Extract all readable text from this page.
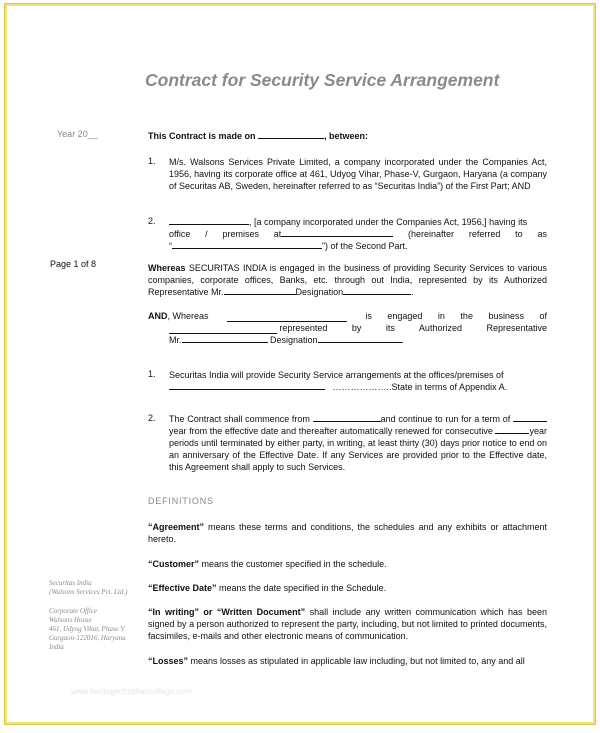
Contract for Security Service Arrangement
Year 20__
Page 1 of 8
This Contract is made on	, between:
1. M/s. Walsons Services Private Limited, a company incorporated under the Companies Act, 1956, having its corporate office at 461, Udyog Vihar, Phase-V, Gurgaon, Haryana (a company of Securitas AB, Sweden, hereinafter referred to as “Securitas India”) of the First Part; AND
2.	, [a company incorporated under the Companies Act, 1956,] having its
office / premises at	(hereinafter referred to as
“	”) of the Second Part.
Whereas SECURITAS INDIA is engaged in the business of providing Security Services to various companies, corporate offices, Banks, etc. through out India, represented by its Authorized Representative Mr.	Designation	.
AND, Whereas	is engaged in the business of
represented by its Authorized Representative
Mr.	Designation	.
1. Securitas India will provide Security Service arrangements at the offices/premises of
………………..State in terms of Appendix A.
2. The Contract shall commence from	and continue to run for a term of year from the effective date and thereafter automatically renewed for consecutive	year periods until terminated by either party, in writing, at least thirty (30) days prior notice to end on an anniversary of the Effective Date. If any Services are provided prior to the Effective date, this Agreement shall apply to such Services.
DEFINITIONS
“Agreement” means these terms and conditions, the schedules and any exhibits or attachment hereto.
“Customer” means the customer specified in the schedule.
“Effective Date” means the date specified in the Schedule.
“In writing” or “Written Document” shall include any written communication which has been signed by a person authorized to represent the party, including, but not limited to printed documents, facsimiles, e-mails and other electronic means of communication.
“Losses” means losses as stipulated in applicable law including, but not limited to, any and all
Securitas India
(Walsons Services Pvt. Ltd.)
Corporate Office
Walsons House
461, Udyog Vihar, Phase V
Gurgaon-122016, Haryana
India
www.heritagechristiancollege.com
